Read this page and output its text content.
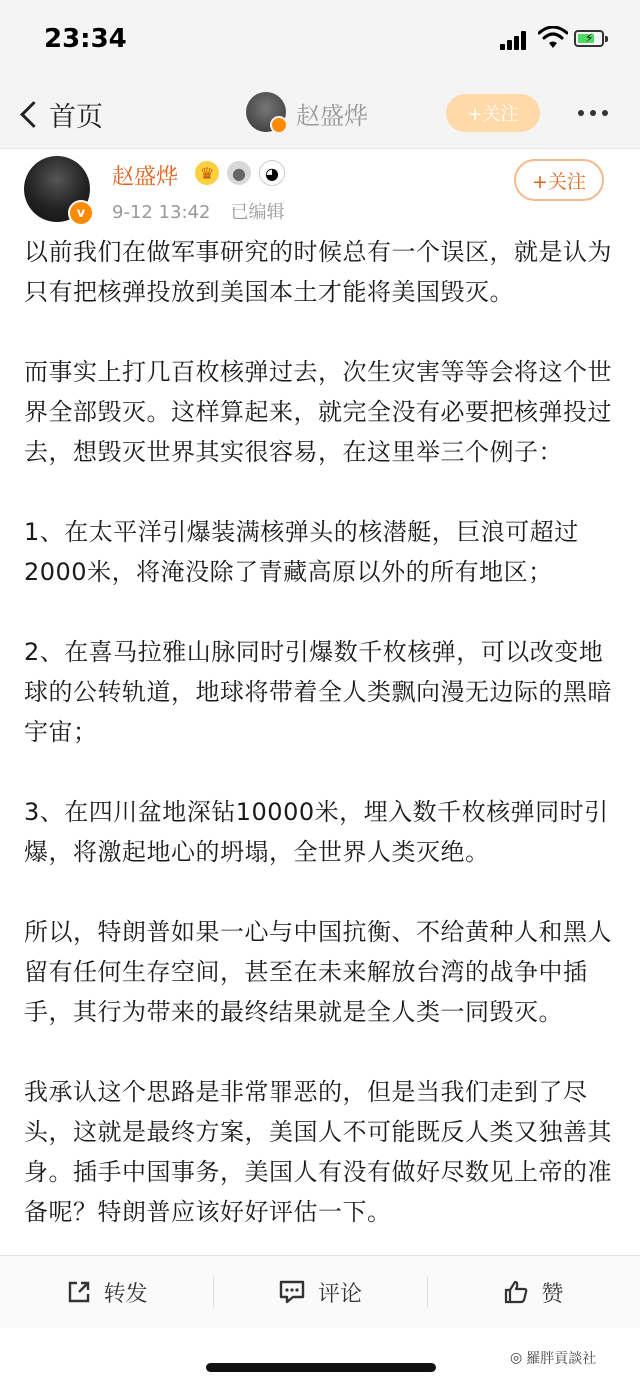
23:34	⚡
首页	赵盛烨	+关注
v
赵盛烨	♛	●	◕
9-12 13:42 已编辑
+关注

以前我们在做军事研究的时候总有一个误区，就是认为只有把核弹投放到美国本土才能将美国毁灭。

而事实上打几百枚核弹过去，次生灾害等等会将这个世界全部毁灭。这样算起来，就完全没有必要把核弹投过去，想毁灭世界其实很容易，在这里举三个例子：

1、在太平洋引爆装满核弹头的核潜艇，巨浪可超过2000米，将淹没除了青藏高原以外的所有地区；

2、在喜马拉雅山脉同时引爆数千枚核弹，可以改变地球的公转轨道，地球将带着全人类飘向漫无边际的黑暗宇宙；

3、在四川盆地深钻10000米，埋入数千枚核弹同时引爆，将激起地心的坍塌，全世界人类灭绝。

所以，特朗普如果一心与中国抗衡、不给黄种人和黑人留有任何生存空间，甚至在未来解放台湾的战争中插手，其行为带来的最终结果就是全人类一同毁灭。

我承认这个思路是非常罪恶的，但是当我们走到了尽头，这就是最终方案，美国人不可能既反人类又独善其身。插手中国事务，美国人有没有做好尽数见上帝的准备呢？特朗普应该好好评估一下。

转发	评论	赞
◎ 羅胖貢談社
